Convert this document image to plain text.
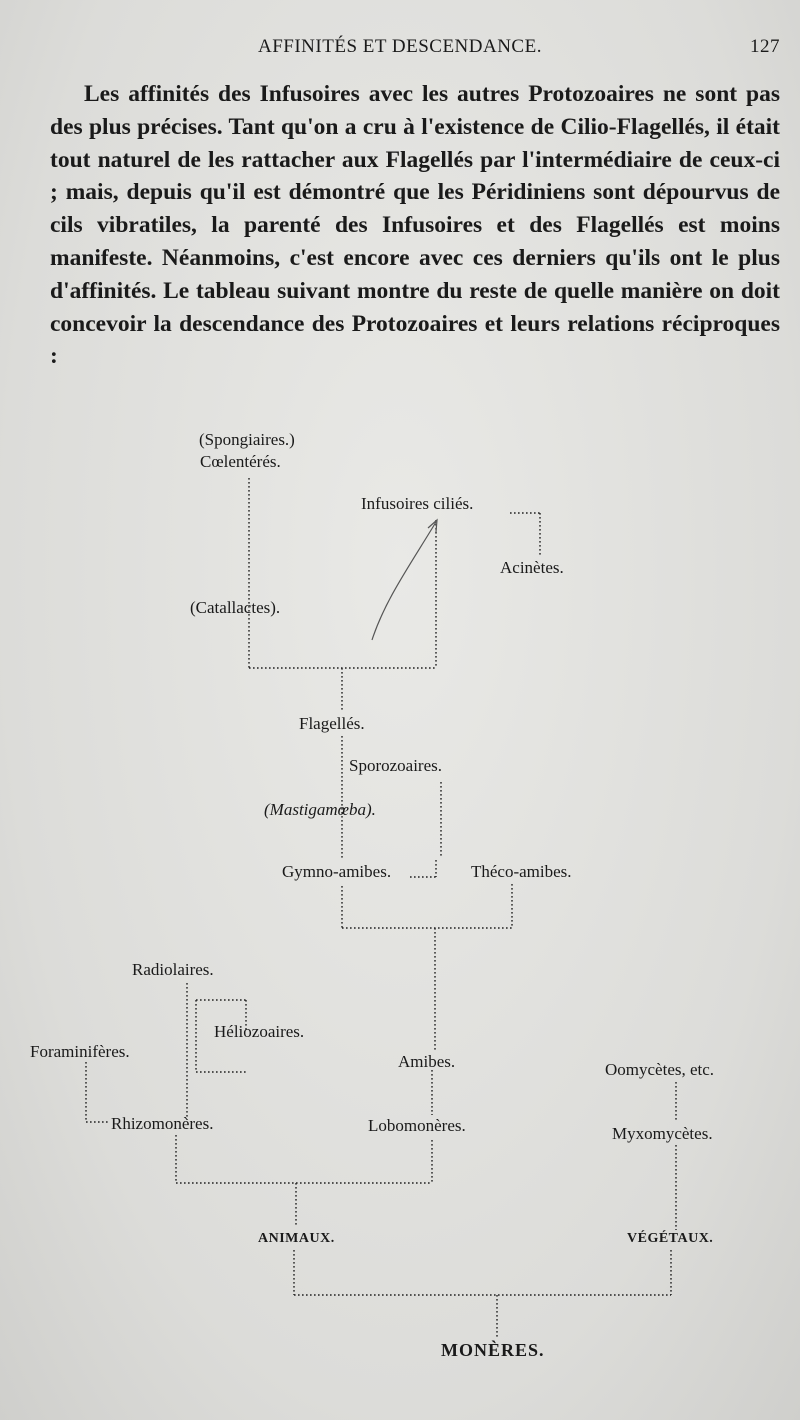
AFFINITÉS ET DESCENDANCE.	127

Les affinités des Infusoires avec les autres Protozoaires ne sont pas des plus précises. Tant qu'on a cru à l'existence de Cilio-Flagellés, il était tout naturel de les rattacher aux Flagellés par l'intermédiaire de ceux-ci ; mais, depuis qu'il est démontré que les Péridiniens sont dépourvus de cils vibratiles, la parenté des Infusoires et des Flagellés est moins manifeste. Néanmoins, c'est encore avec ces derniers qu'ils ont le plus d'affinités. Le tableau suivant montre du reste de quelle manière on doit concevoir la descendance des Protozoaires et leurs relations réciproques :

(Spongiaires.)
Cœlentérés.
Infusoires ciliés.
Acinètes.
(Catallactes).
Flagellés.
Sporozoaires.
(Mastigamœba).
Gymno-amibes.	Théco-amibes.
Radiolaires.
Héliozoaires.
Foraminifères.
Amibes.	Oomycètes, etc.
Rhizomonères.	Lobomonères.	Myxomycètes.
ANIMAUX.	VÉGÉTAUX.
MONÈRES.
